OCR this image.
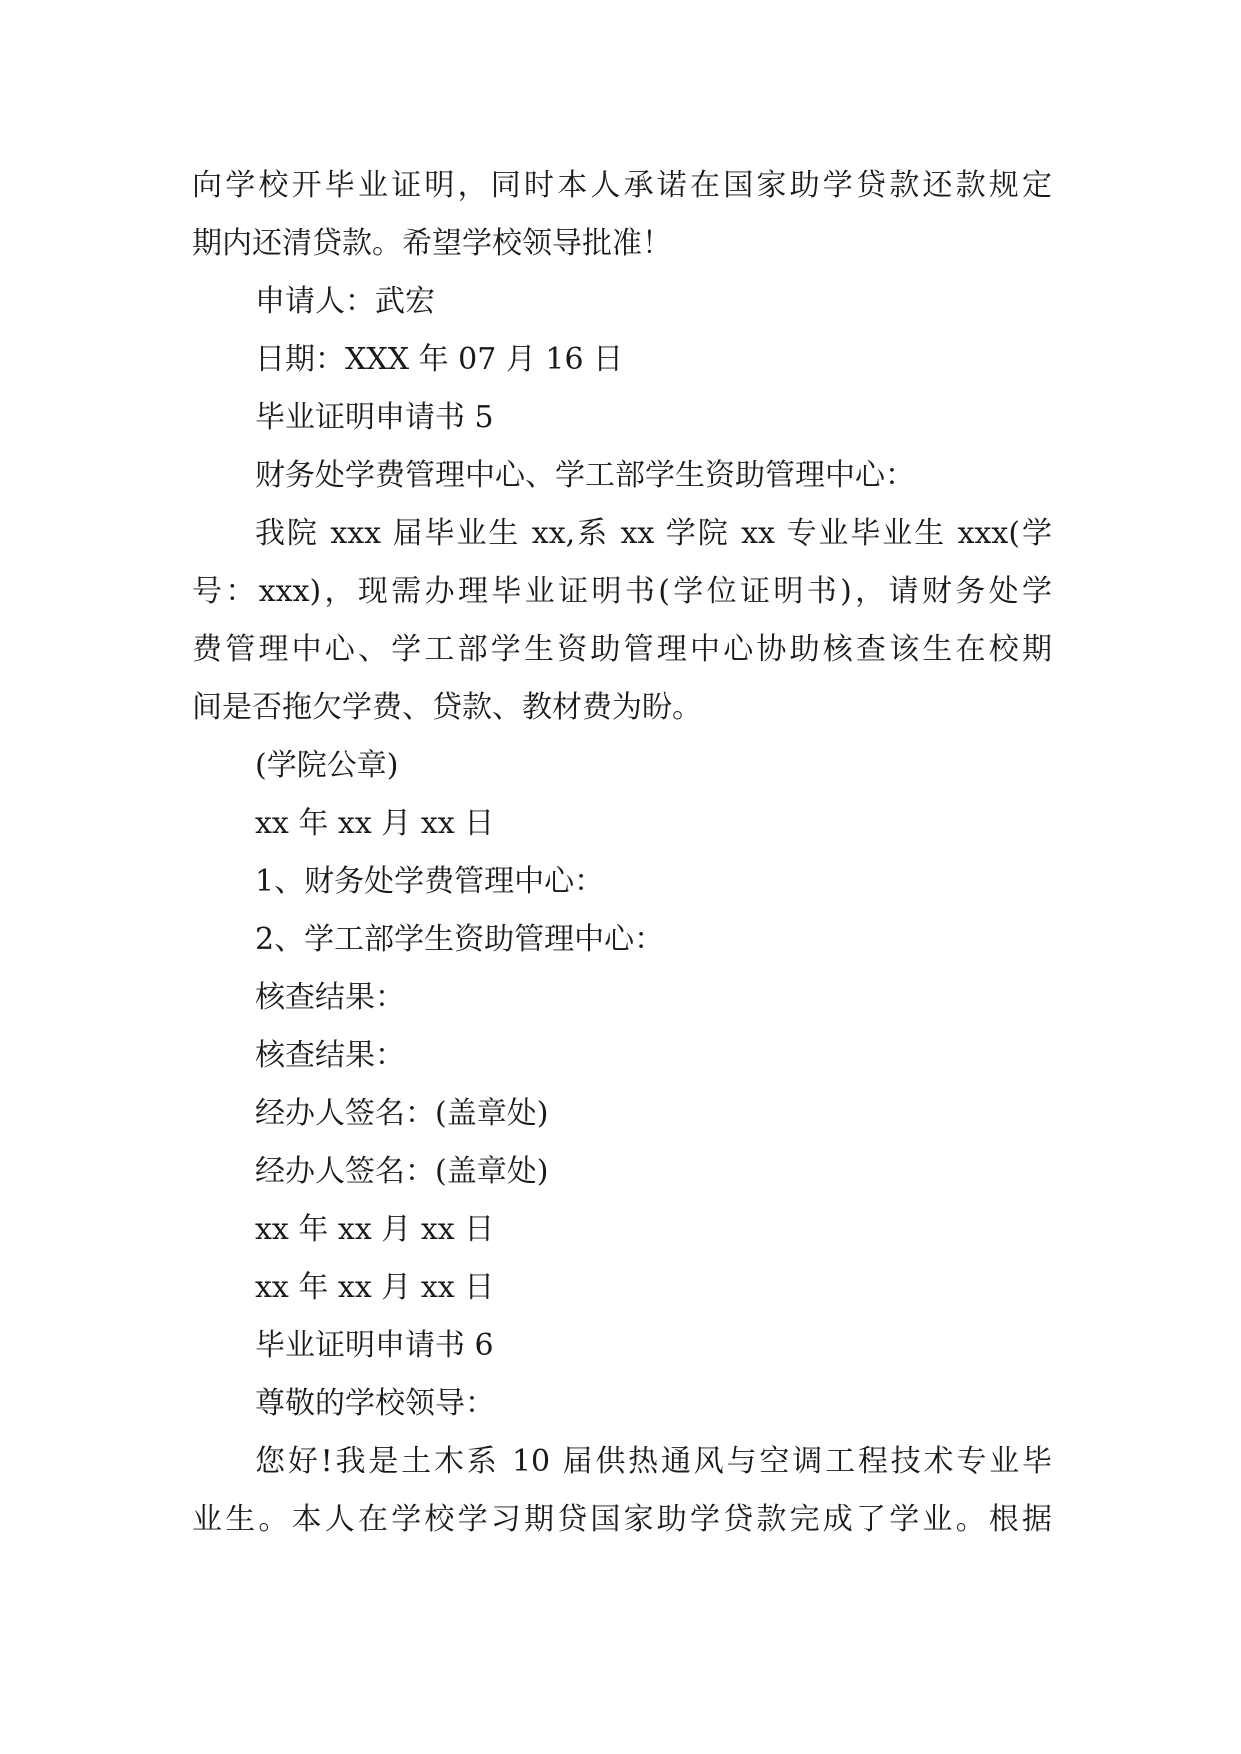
向学校开毕业证明，同时本人承诺在国家助学贷款还款规定
期内还清贷款。希望学校领导批准！
申请人：武宏
日期：XXX 年 07 月 16 日
毕业证明申请书 5
财务处学费管理中心、学工部学生资助管理中心：
我院 xxx 届毕业生 xx,系 xx 学院 xx 专业毕业生 xxx(学
号：xxx)，现需办理毕业证明书(学位证明书)，请财务处学
费管理中心、学工部学生资助管理中心协助核查该生在校期
间是否拖欠学费、贷款、教材费为盼。
(学院公章)
xx 年 xx 月 xx 日
1、财务处学费管理中心：
2、学工部学生资助管理中心：
核查结果：
核查结果：
经办人签名：(盖章处)
经办人签名：(盖章处)
xx 年 xx 月 xx 日
xx 年 xx 月 xx 日
毕业证明申请书 6
尊敬的学校领导：
您好!我是土木系 10 届供热通风与空调工程技术专业毕
业生。本人在学校学习期贷国家助学贷款完成了学业。根据
